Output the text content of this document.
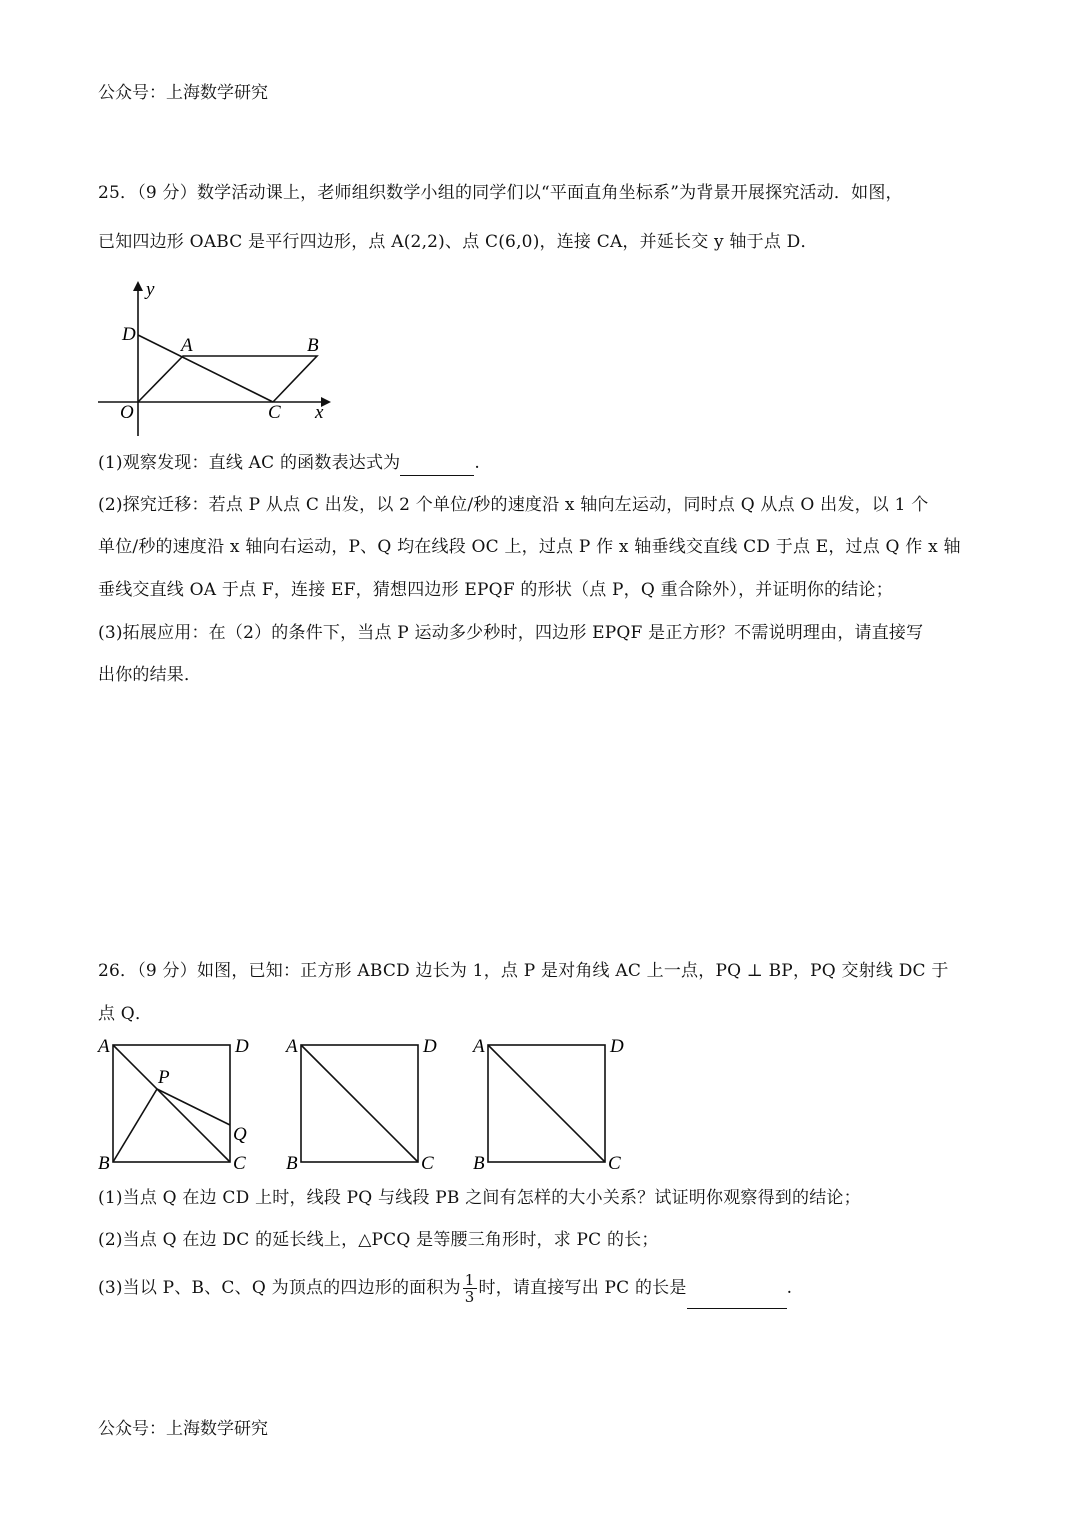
公众号：上海数学研究
25．（9 分）数学活动课上，老师组织数学小组的同学们以“平面直角坐标系”为背景开展探究活动．如图，
已知四边形 OABC 是平行四边形，点 A(2,2)、点 C(6,0)，连接 CA，并延长交 y 轴于点 D．
y
D
A	B
O	C x
(1)观察发现：直线 AC 的函数表达式为	.
(2)探究迁移：若点 P 从点 C 出发，以 2 个单位/秒的速度沿 x 轴向左运动，同时点 Q 从点 O 出发，以 1 个
单位/秒的速度沿 x 轴向右运动，P、Q 均在线段 OC 上，过点 P 作 x 轴垂线交直线 CD 于点 E，过点 Q 作 x 轴
垂线交直线 OA 于点 F，连接 EF，猜想四边形 EPQF 的形状（点 P，Q 重合除外），并证明你的结论；
(3)拓展应用：在（2）的条件下，当点 P 运动多少秒时，四边形 EPQF 是正方形？不需说明理由，请直接写
出你的结果．
26．（9 分）如图，已知：正方形 ABCD 边长为 1，点 P 是对角线 AC 上一点，PQ ⊥ BP，PQ 交射线 DC 于
点 Q．
A	D
B	C
P
Q
A	D
B	C
A	D
B	C
(1)当点 Q 在边 CD 上时，线段 PQ 与线段 PB 之间有怎样的大小关系？试证明你观察得到的结论；
(2)当点 Q 在边 DC 的延长线上，△PCQ 是等腰三角形时，求 PC 的长；
(3)当以 P、B、C、Q 为顶点的四边形的面积为 $\frac{1}{3}$ 时，请直接写出 PC 的长是	.
公众号：上海数学研究
